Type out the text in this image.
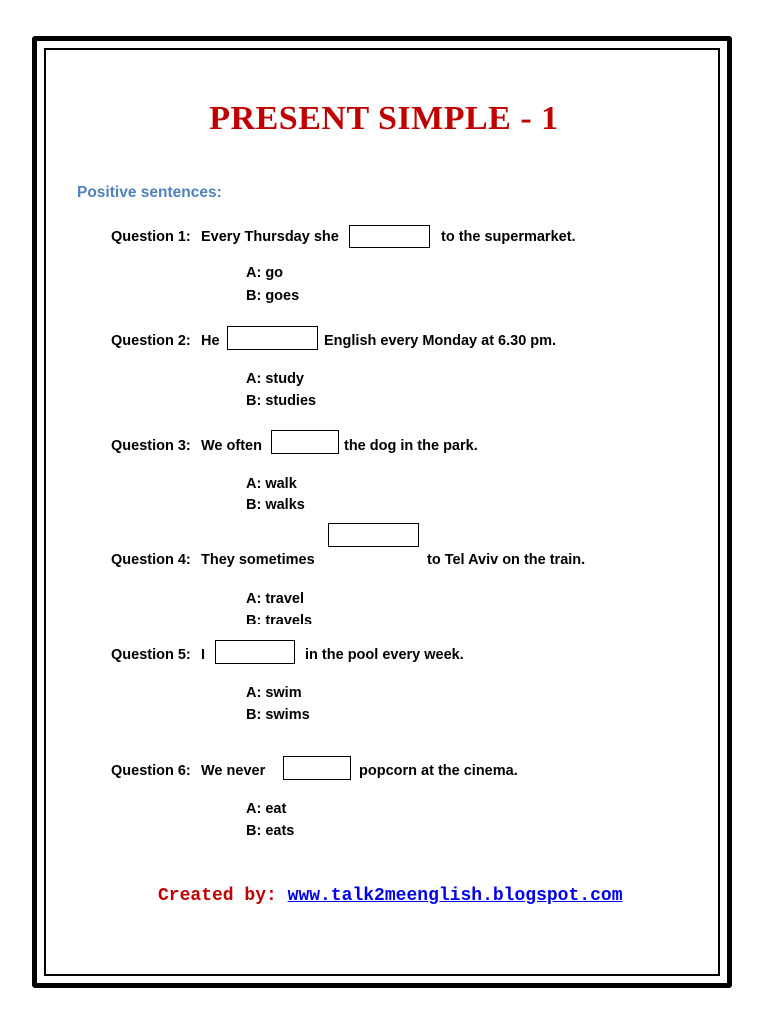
PRESENT SIMPLE - 1
Positive sentences:
Question 1: Every Thursday she	to the supermarket.
A: go
B: goes
Question 2: He	English every Monday at 6.30 pm.
A: study
B: studies
Question 3: We often	the dog in the park.
A: walk
B: walks
Question 4: They sometimes	to Tel Aviv on the train.
A: travel
B: travels
Question 5: I	in the pool every week.
A: swim
B: swims
Question 6: We never	popcorn at the cinema.
A: eat
B: eats
Created by: www.talk2meenglish.blogspot.com
